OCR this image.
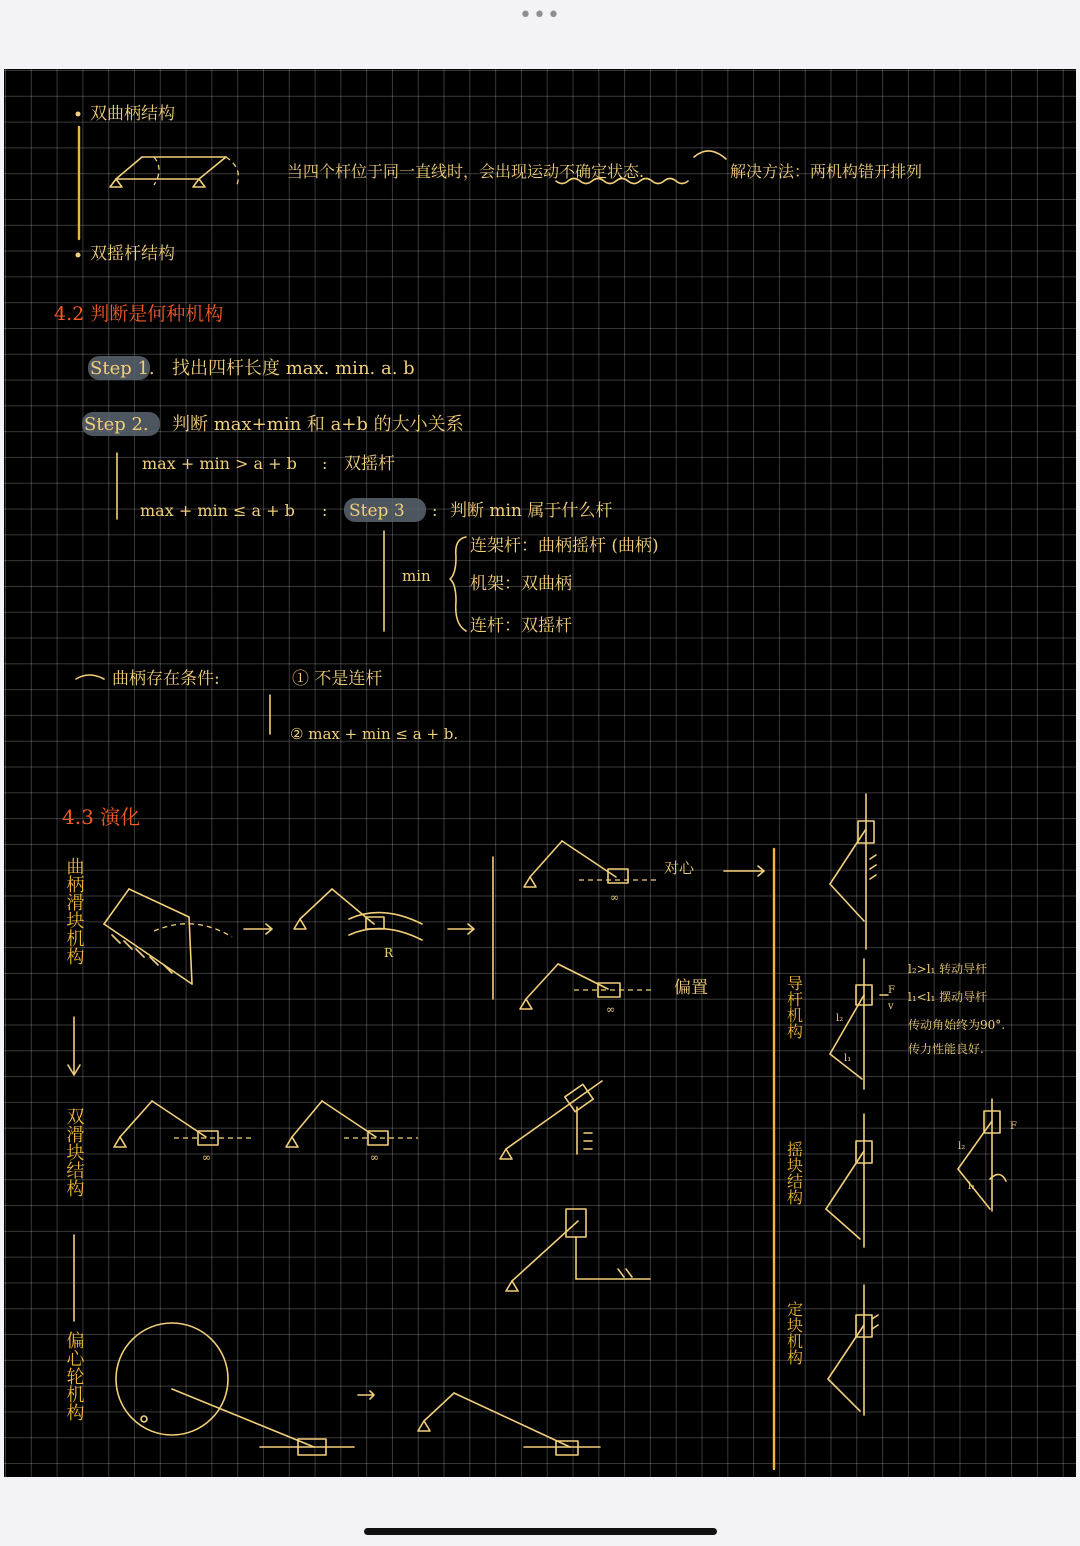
•••
双曲柄结构
当四个杆位于同一直线时，会出现运动不确定状态.	解决方法：两机构错开排列
双摇杆结构
4.2 判断是何种机构
Step 1. 找出四杆长度 max. min. a. b
Step 2. 判断 max+min 和 a+b 的大小关系
max + min > a + b : 双摇杆
max + min ≤ a + b : Step 3 : 判断 min 属于什么杆
min
连架杆：曲柄摇杆 (曲柄)
机架：双曲柄
连杆：双摇杆
曲柄存在条件:	① 不是连杆
② max + min ≤ a + b.
4.3 演化
曲柄滑块机构
双滑块结构
偏心轮机构
R
∞
对心
∞
偏置
∞	∞
导杆机构
摇块结构
定块机构
F
v
l₂
l₁
l₂>l₁ 转动导杆
l₁<l₁ 摆动导杆
传动角始终为90°.
传力性能良好.
F
l₂
l₁
